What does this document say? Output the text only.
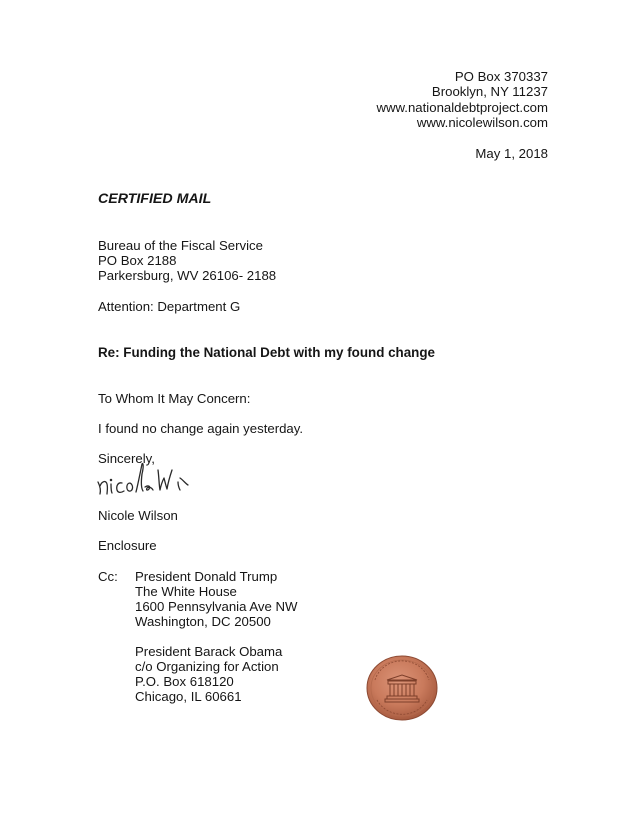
PO Box 370337
Brooklyn, NY 11237
www.nationaldebtproject.com
www.nicolewilson.com
May 1, 2018
CERTIFIED MAIL
Bureau of the Fiscal Service
PO Box 2188
Parkersburg, WV 26106- 2188
Attention: Department G
Re: Funding the National Debt with my found change
To Whom It May Concern:
I found no change again yesterday.
Sincerely,
Nicole Wilson
Enclosure
Cc: President Donald Trump
The White House
1600 Pennsylvania Ave NW
Washington, DC 20500
President Barack Obama
c/o Organizing for Action
P.O. Box 618120
Chicago, IL 60661
